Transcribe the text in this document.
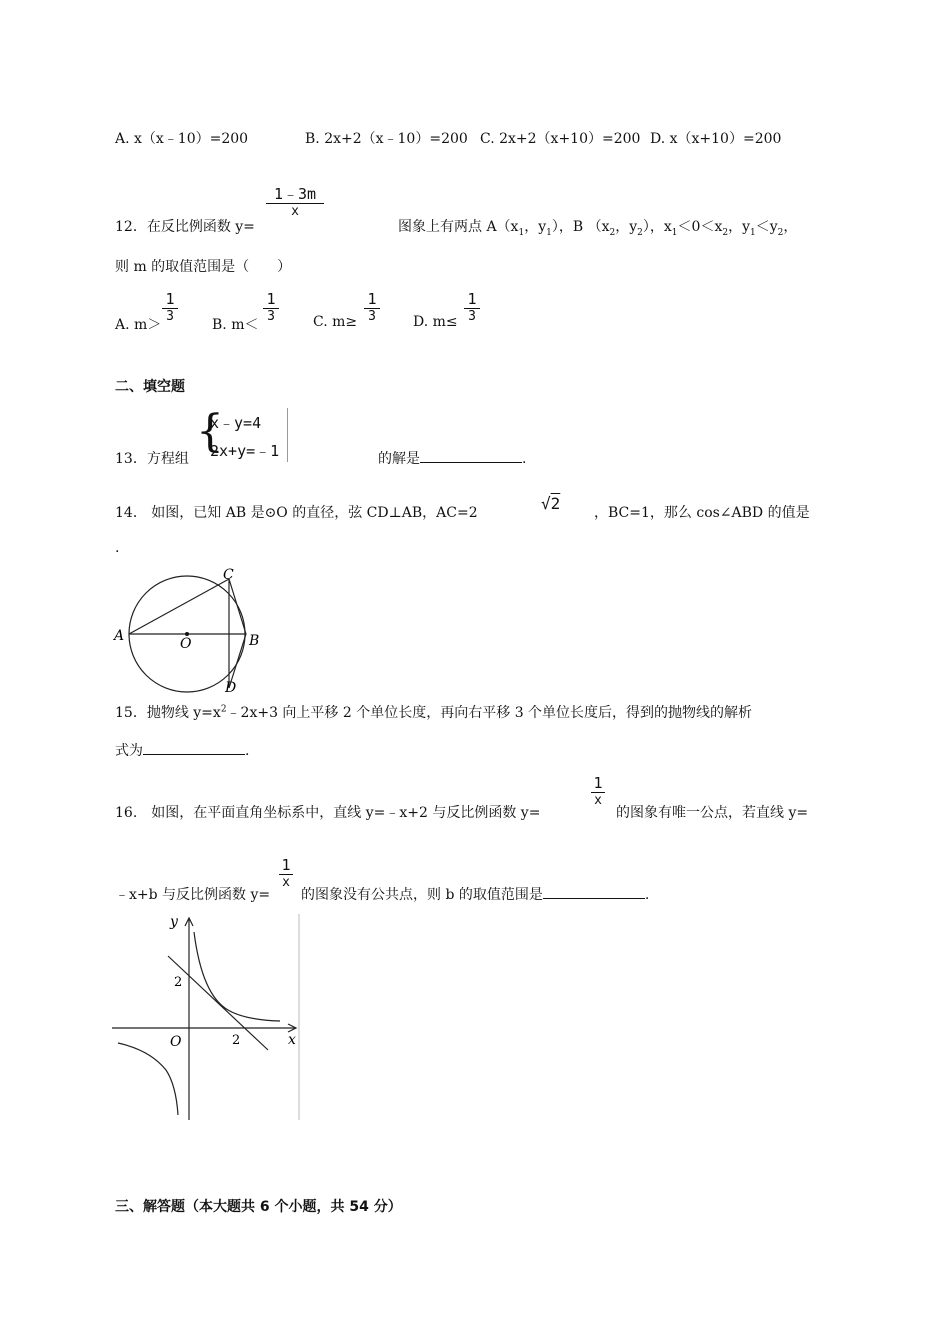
A. x（x﹣10）=200	B. 2x+2（x﹣10）=200 C. 2x+2（x+10）=200 D. x（x+10）=200
12．在反比例函数 y=
1﹣3m
x
图象上有两点 $A(x_1$，$y_1$），B （$x_2$，$y_2$），$x_1<0<x_2$，$y_1<y_2$，
则 m 的取值范围是（　　）
A. m＞
1
3
B. m＜
1
3	C. m≥
1
3	D. m≤
1
3
二、填空题
13．方程组
{
x﹣y=4
2x+y=﹣1	的解是	.
14． 如图，已知 AB 是⊙O 的直径，弦 CD⊥AB，AC=2	√2 ，BC=1，那么 cos∠ABD 的值是
.
A	B
C
D
O
15．抛物线 $y=x^2﹣2x+3$ 向上平移 2 个单位长度，再向右平移 3 个单位长度后，得到的抛物线的解析
式为	.
16.　如图，在平面直角坐标系中，直线 y=﹣x+2 与反比例函数 y=
1
x
的图象有唯一公点，若直线 y=
﹣x+b 与反比例函数 y=
1
x
的图象没有公共点，则 b 的取值范围是	.
y
x
O
2
2
三、解答题（本大题共 6 个小题，共 54 分）
